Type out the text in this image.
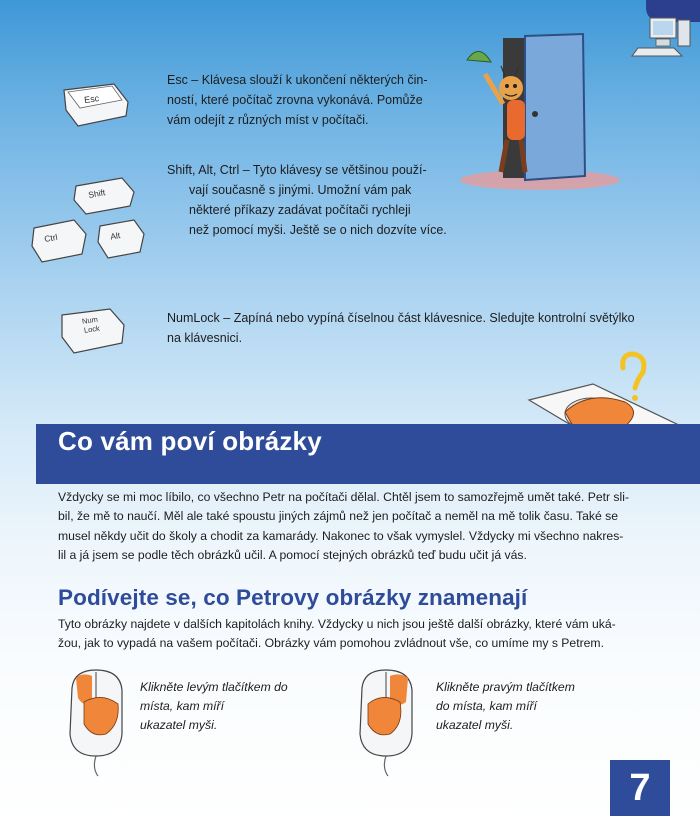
Esc
Esc – Klávesa slouží k ukončení některých čin-
ností, které počítač zrovna vykonává. Pomůže
vám odejít z různých míst v počítači.
Shift
Ctrl	Alt
Shift, Alt, Ctrl – Tyto klávesy se většinou použí-
vají současně s jinými. Umožní vám pak
některé příkazy zadávat počítači rychleji
než pomocí myši. Ještě se o nich dozvíte více.
Num
Lock
NumLock – Zapíná nebo vypíná číselnou část klávesnice. Sledujte kontrolní světýlko
na klávesnici.
Co vám poví obrázky

Vždycky se mi moc líbilo, co všechno Petr na počítači dělal. Chtěl jsem to samozřejmě umět také. Petr sli-

bil, že mě to naučí. Měl ale také spoustu jiných zájmů než jen počítač a neměl na mě tolik času. Také se

musel někdy učit do školy a chodit za kamarády. Nakonec to však vymyslel. Vždycky mi všechno nakres-

lil a já jsem se podle těch obrázků učil. A pomocí stejných obrázků teď budu učit já vás.

Podívejte se, co Petrovy obrázky znamenají

Tyto obrázky najdete v dalších kapitolách knihy. Vždycky u nich jsou ještě další obrázky, které vám uká-

žou, jak to vypadá na vašem počítači. Obrázky vám pomohou zvládnout vše, co umíme my s Petrem.

Klikněte levým tlačítkem do
místa, kam míří
ukazatel myši.
Klikněte pravým tlačítkem
do místa, kam míří
ukazatel myši.
7
